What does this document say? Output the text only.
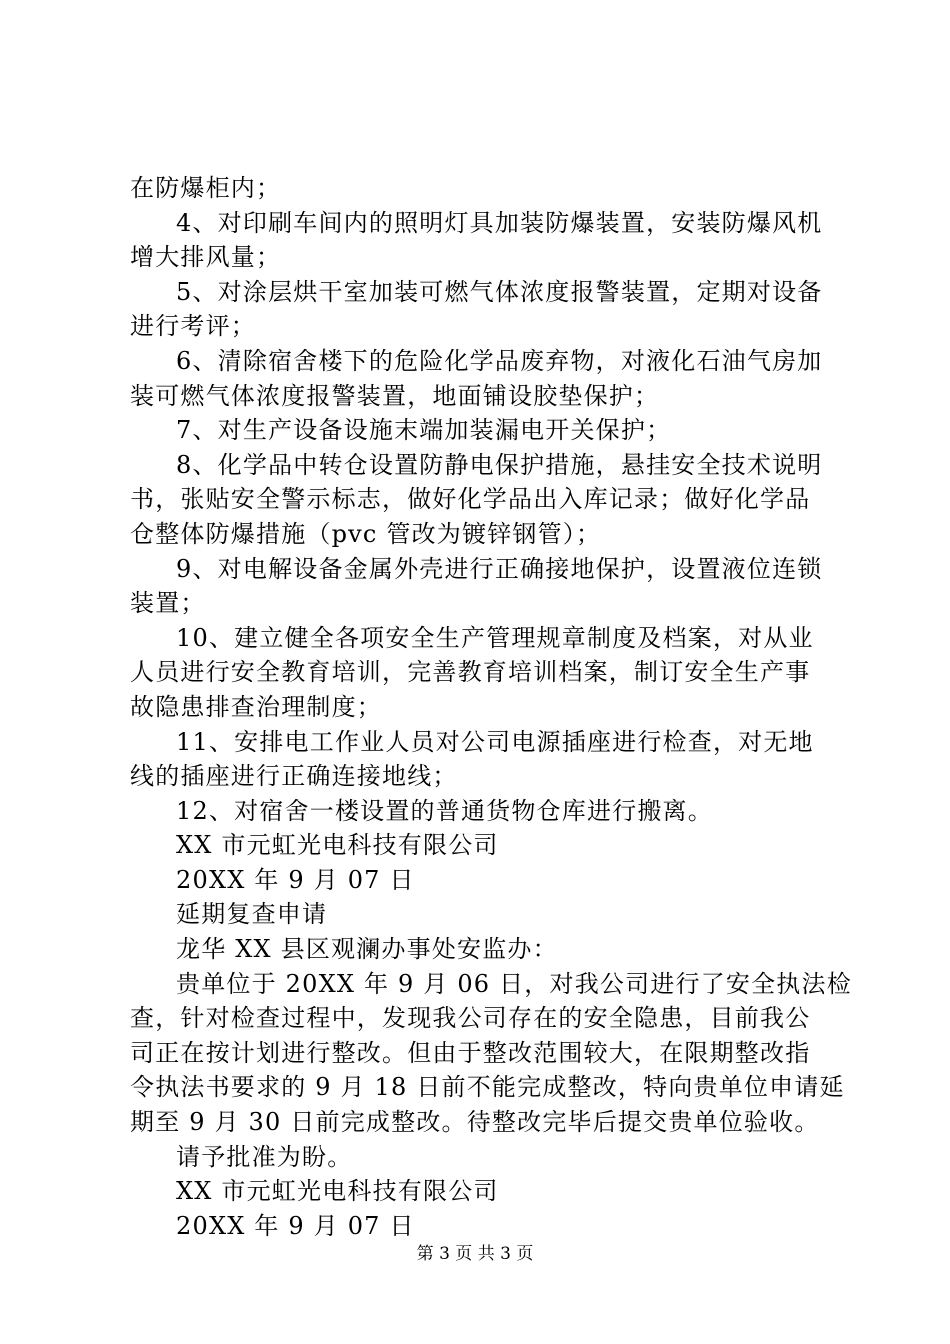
在防爆柜内；
4、对印刷车间内的照明灯具加装防爆装置，安装防爆风机
增大排风量；
5、对涂层烘干室加装可燃气体浓度报警装置，定期对设备
进行考评；
6、清除宿舍楼下的危险化学品废弃物，对液化石油气房加
装可燃气体浓度报警装置，地面铺设胶垫保护；
7、对生产设备设施末端加装漏电开关保护；
8、化学品中转仓设置防静电保护措施，悬挂安全技术说明
书，张贴安全警示标志，做好化学品出入库记录；做好化学品
仓整体防爆措施（pvc 管改为镀锌钢管）；
9、对电解设备金属外壳进行正确接地保护，设置液位连锁
装置；
10、建立健全各项安全生产管理规章制度及档案，对从业
人员进行安全教育培训，完善教育培训档案，制订安全生产事
故隐患排查治理制度；
11、安排电工作业人员对公司电源插座进行检查，对无地
线的插座进行正确连接地线；
12、对宿舍一楼设置的普通货物仓库进行搬离。
XX 市元虹光电科技有限公司
20XX 年 9 月 07 日
延期复查申请
龙华 XX 县区观澜办事处安监办：
贵单位于 20XX 年 9 月 06 日，对我公司进行了安全执法检
查，针对检查过程中，发现我公司存在的安全隐患，目前我公
司正在按计划进行整改。但由于整改范围较大，在限期整改指
令执法书要求的 9 月 18 日前不能完成整改，特向贵单位申请延
期至 9 月 30 日前完成整改。待整改完毕后提交贵单位验收。
请予批准为盼。
XX 市元虹光电科技有限公司
20XX 年 9 月 07 日
第 3 页 共 3 页
